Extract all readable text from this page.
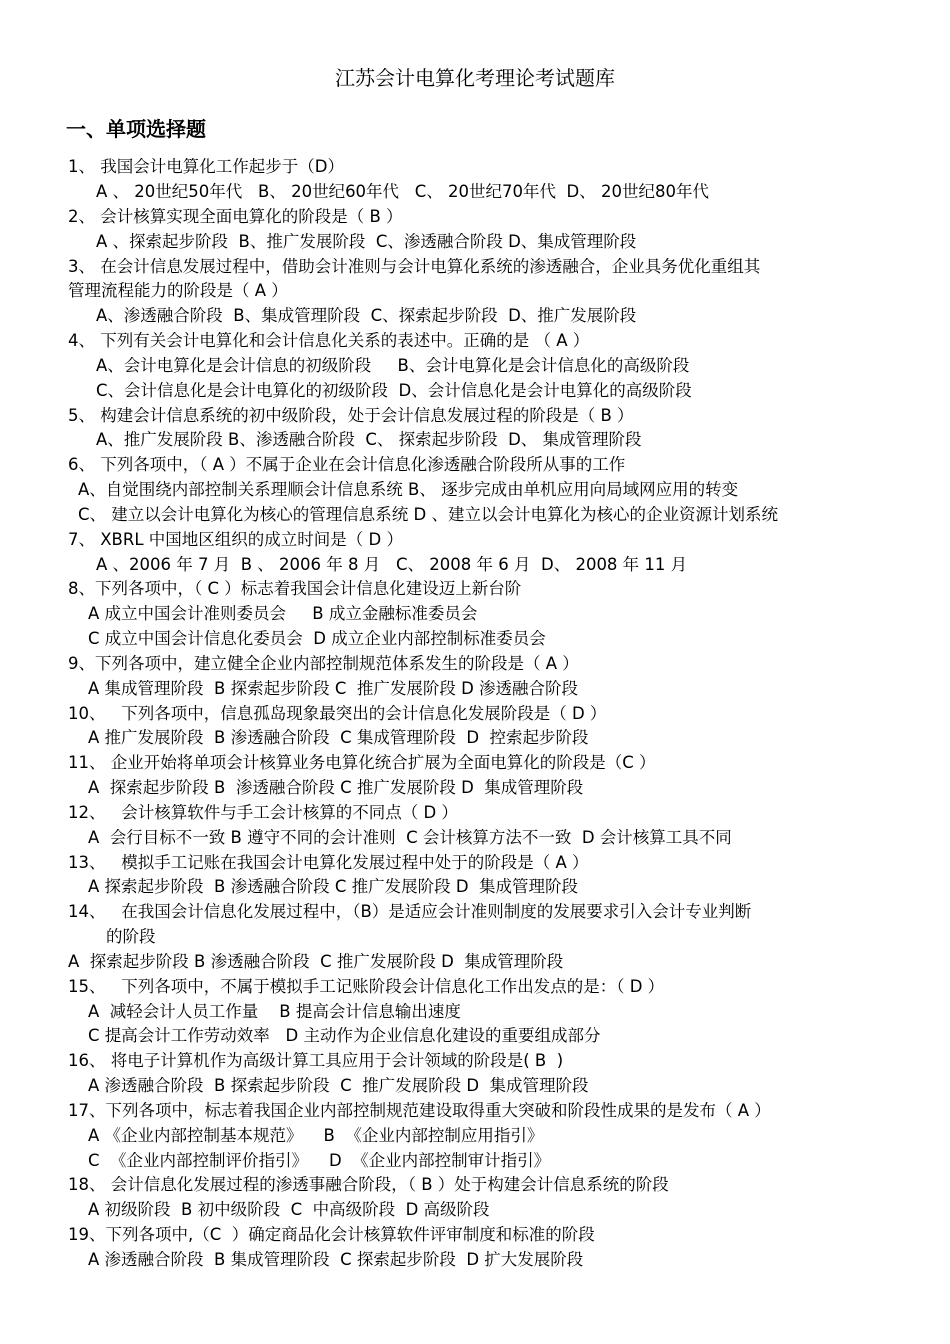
江苏会计电算化考理论考试题库
一、单项选择题
1、 我国会计电算化工作起步于（D）
A 、 20世纪50年代   B、 20世纪60年代   C、 20世纪70年代  D、 20世纪80年代
2、 会计核算实现全面电算化的阶段是（ B ）
A 、探索起步阶段  B、推广发展阶段  C、渗透融合阶段 D、集成管理阶段
3、 在会计信息发展过程中，借助会计准则与会计电算化系统的渗透融合，企业具务优化重组其
管理流程能力的阶段是（ A ）
A、渗透融合阶段  B、集成管理阶段  C、探索起步阶段  D、推广发展阶段
4、 下列有关会计电算化和会计信息化关系的表述中。正确的是 （ A ）
A、会计电算化是会计信息的初级阶段     B、会计电算化是会计信息化的高级阶段
C、会计信息化是会计电算化的初级阶段  D、会计信息化是会计电算化的高级阶段
5、 构建会计信息系统的初中级阶段，处于会计信息发展过程的阶段是（ B ）
A、推广发展阶段 B、渗透融合阶段  C、 探索起步阶段  D、 集成管理阶段
6、 下列各项中，（ A ）不属于企业在会计信息化渗透融合阶段所从事的工作
A、自觉围绕内部控制关系理顺会计信息系统 B、 逐步完成由单机应用向局域网应用的转变
C、 建立以会计电算化为核心的管理信息系统 D 、建立以会计电算化为核心的企业资源计划系统
7、 XBRL 中国地区组织的成立时间是（ D ）
A 、2006 年 7 月  B 、 2006 年 8 月   C、 2008 年 6 月  D、 2008 年 11 月
8、下列各项中，（ C ）标志着我国会计信息化建设迈上新台阶
A 成立中国会计准则委员会     B 成立金融标准委员会
C 成立中国会计信息化委员会  D 成立企业内部控制标准委员会
9、下列各项中，建立健全企业内部控制规范体系发生的阶段是（ A ）
A 集成管理阶段  B 探索起步阶段 C  推广发展阶段 D 渗透融合阶段
10、   下列各项中，信息孤岛现象最突出的会计信息化发展阶段是（ D ）
A 推广发展阶段  B 渗透融合阶段  C 集成管理阶段  D  控索起步阶段
11、 企业开始将单项会计核算业务电算化统合扩展为全面电算化的阶段是（C ）
A  探索起步阶段 B  渗透融合阶段 C 推广发展阶段 D  集成管理阶段
12、   会计核算软件与手工会计核算的不同点（ D ）
A  会行目标不一致 B 遵守不同的会计准则  C 会计核算方法不一致  D 会计核算工具不同
13、   模拟手工记账在我国会计电算化发展过程中处于的阶段是（ A ）
A 探索起步阶段  B 渗透融合阶段 C 推广发展阶段 D  集成管理阶段
14、   在我国会计信息化发展过程中，（B）是适应会计准则制度的发展要求引入会计专业判断
的阶段
A  探索起步阶段 B 渗透融合阶段  C 推广发展阶段 D  集成管理阶段
15、   下列各项中，不属于模拟手工记账阶段会计信息化工作出发点的是：（ D ）
A  减轻会计人员工作量    B 提高会计信息输出速度
C 提高会计工作劳动效率   D 主动作为企业信息化建设的重要组成部分
16、 将电子计算机作为高级计算工具应用于会计领域的阶段是( B  )
A 渗透融合阶段  B 探索起步阶段  C  推广发展阶段 D  集成管理阶段
17、下列各项中，标志着我国企业内部控制规范建设取得重大突破和阶段性成果的是发布（ A ）
A 《企业内部控制基本规范》    B  《企业内部控制应用指引》
C  《企业内部控制评价指引》    D  《企业内部控制审计指引》
18、 会计信息化发展过程的渗透事融合阶段，（ B ）处于构建会计信息系统的阶段
A 初级阶段  B 初中级阶段  C  中高级阶段  D 高级阶段
19、下列各项中,（C  ）确定商品化会计核算软件评审制度和标准的阶段
A 渗透融合阶段  B 集成管理阶段  C 探索起步阶段  D 扩大发展阶段
